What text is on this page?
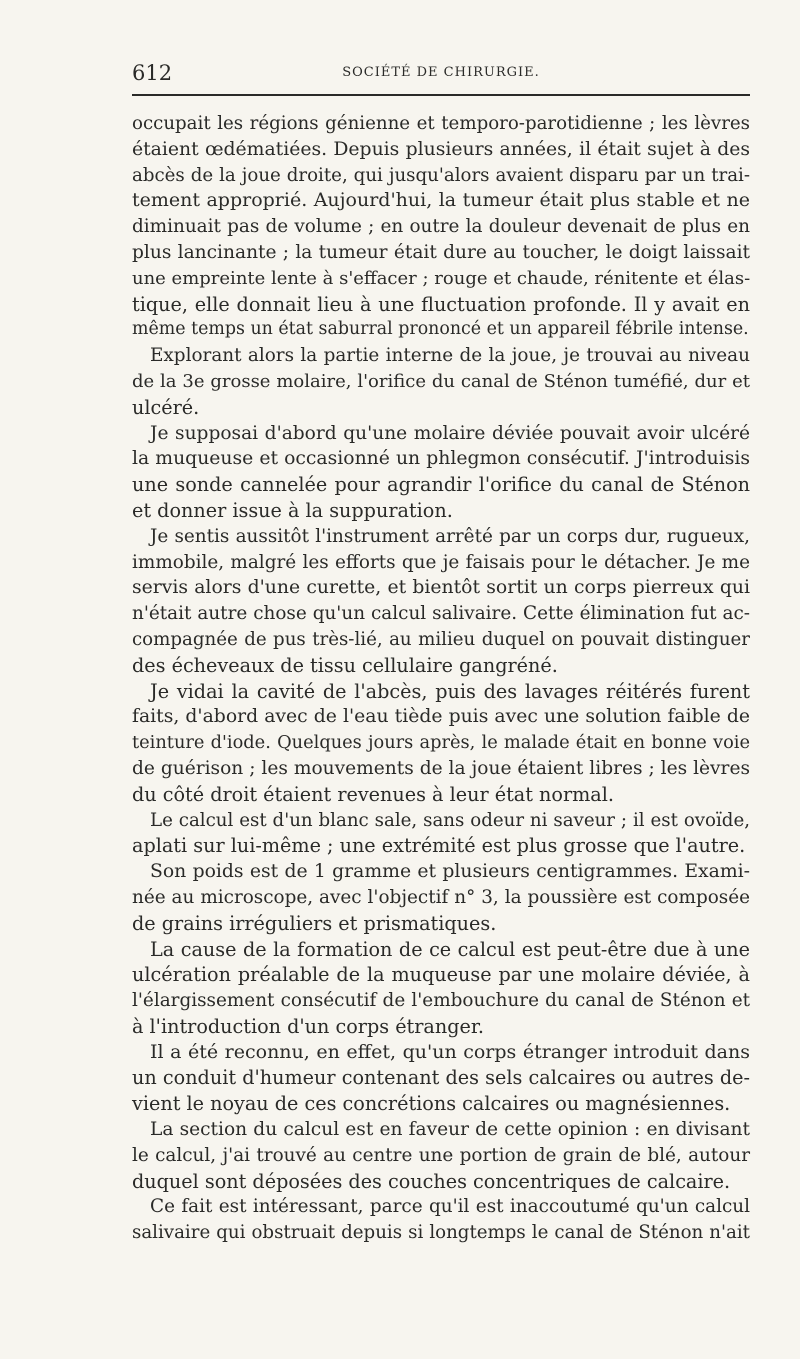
612	SOCIÉTÉ DE CHIRURGIE.
occupait les régions génienne et temporo-parotidienne ; les lèvres
étaient œdématiées. Depuis plusieurs années, il était sujet à des
abcès de la joue droite, qui jusqu'alors avaient disparu par un trai-
tement approprié. Aujourd'hui, la tumeur était plus stable et ne
diminuait pas de volume ; en outre la douleur devenait de plus en
plus lancinante ; la tumeur était dure au toucher, le doigt laissait
une empreinte lente à s'effacer ; rouge et chaude, rénitente et élas-
tique, elle donnait lieu à une fluctuation profonde. Il y avait en
même temps un état saburral prononcé et un appareil fébrile intense.
Explorant alors la partie interne de la joue, je trouvai au niveau
de la 3e grosse molaire, l'orifice du canal de Sténon tuméfié, dur et
ulcéré.
Je supposai d'abord qu'une molaire déviée pouvait avoir ulcéré
la muqueuse et occasionné un phlegmon consécutif. J'introduisis
une sonde cannelée pour agrandir l'orifice du canal de Sténon
et donner issue à la suppuration.
Je sentis aussitôt l'instrument arrêté par un corps dur, rugueux,
immobile, malgré les efforts que je faisais pour le détacher. Je me
servis alors d'une curette, et bientôt sortit un corps pierreux qui
n'était autre chose qu'un calcul salivaire. Cette élimination fut ac-
compagnée de pus très-lié, au milieu duquel on pouvait distinguer
des écheveaux de tissu cellulaire gangréné.
Je vidai la cavité de l'abcès, puis des lavages réitérés furent
faits, d'abord avec de l'eau tiède puis avec une solution faible de
teinture d'iode. Quelques jours après, le malade était en bonne voie
de guérison ; les mouvements de la joue étaient libres ; les lèvres
du côté droit étaient revenues à leur état normal.
Le calcul est d'un blanc sale, sans odeur ni saveur ; il est ovoïde,
aplati sur lui-même ; une extrémité est plus grosse que l'autre.
Son poids est de 1 gramme et plusieurs centigrammes. Exami-
née au microscope, avec l'objectif n° 3, la poussière est composée
de grains irréguliers et prismatiques.
La cause de la formation de ce calcul est peut-être due à une
ulcération préalable de la muqueuse par une molaire déviée, à
l'élargissement consécutif de l'embouchure du canal de Sténon et
à l'introduction d'un corps étranger.
Il a été reconnu, en effet, qu'un corps étranger introduit dans
un conduit d'humeur contenant des sels calcaires ou autres de-
vient le noyau de ces concrétions calcaires ou magnésiennes.
La section du calcul est en faveur de cette opinion : en divisant
le calcul, j'ai trouvé au centre une portion de grain de blé, autour
duquel sont déposées des couches concentriques de calcaire.
Ce fait est intéressant, parce qu'il est inaccoutumé qu'un calcul
salivaire qui obstruait depuis si longtemps le canal de Sténon n'ait
